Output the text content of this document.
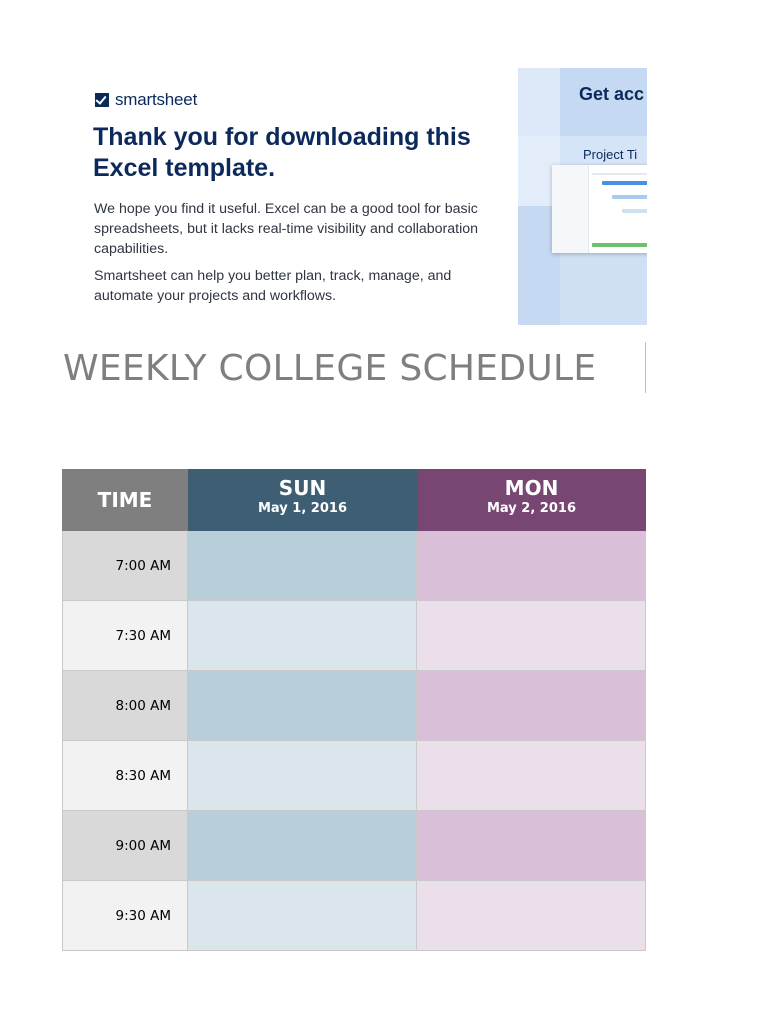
smartsheet
Thank you for downloading this Excel template.
We hope you find it useful. Excel can be a good tool for basic spreadsheets, but it lacks real-time visibility and collaboration capabilities.
Smartsheet can help you better plan, track, manage, and automate your projects and workflows.
Get acc
Project Ti
WEEKLY COLLEGE SCHEDULE
TIME	SUN
May 1, 2016
MON
May 2, 2016
7:00 AM
7:30 AM
8:00 AM
8:30 AM
9:00 AM
9:30 AM
